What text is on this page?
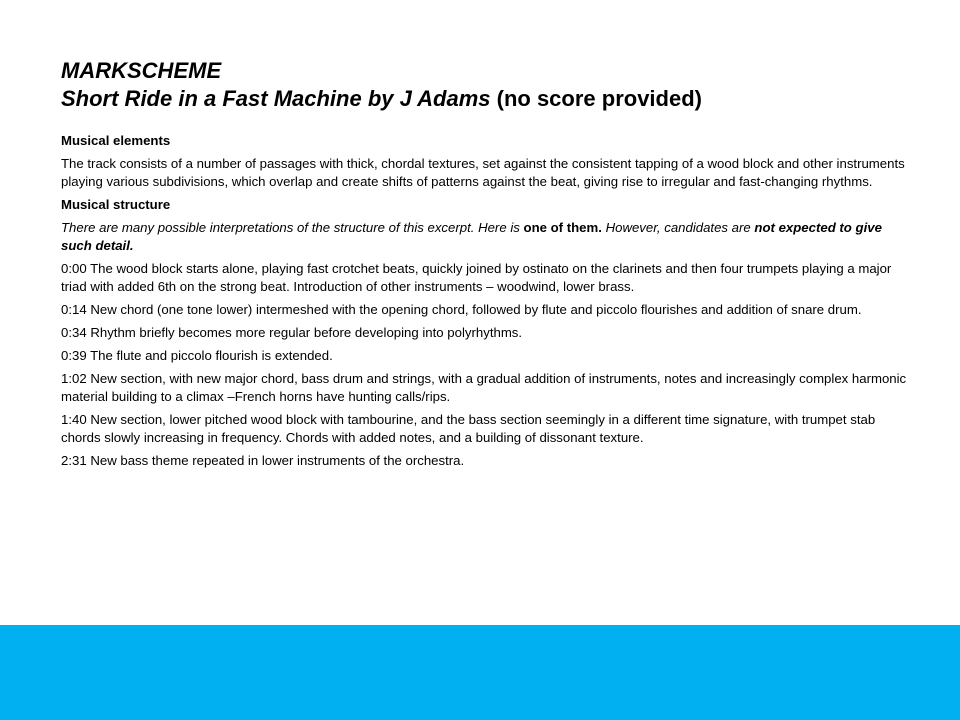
MARKSCHEME
Short Ride in a Fast Machine by J Adams (no score provided)

Musical elements

The track consists of a number of passages with thick, chordal textures, set against the consistent tapping of a wood block and other instruments playing various subdivisions, which overlap and create shifts of patterns against the beat, giving rise to irregular and fast-changing rhythms.

Musical structure

There are many possible interpretations of the structure of this excerpt. Here is one of them. However, candidates are not expected to give such detail.

0:00 The wood block starts alone, playing fast crotchet beats, quickly joined by ostinato on the clarinets and then four trumpets playing a major triad with added 6th on the strong beat. Introduction of other instruments – woodwind, lower brass.

0:14 New chord (one tone lower) intermeshed with the opening chord, followed by flute and piccolo flourishes and addition of snare drum.

0:34 Rhythm briefly becomes more regular before developing into polyrhythms.

0:39 The flute and piccolo flourish is extended.

1:02 New section, with new major chord, bass drum and strings, with a gradual addition of instruments, notes and increasingly complex harmonic material building to a climax –French horns have hunting calls/rips.

1:40 New section, lower pitched wood block with tambourine, and the bass section seemingly in a different time signature, with trumpet stab chords slowly increasing in frequency. Chords with added notes, and a building of dissonant texture.

2:31 New bass theme repeated in lower instruments of the orchestra.
